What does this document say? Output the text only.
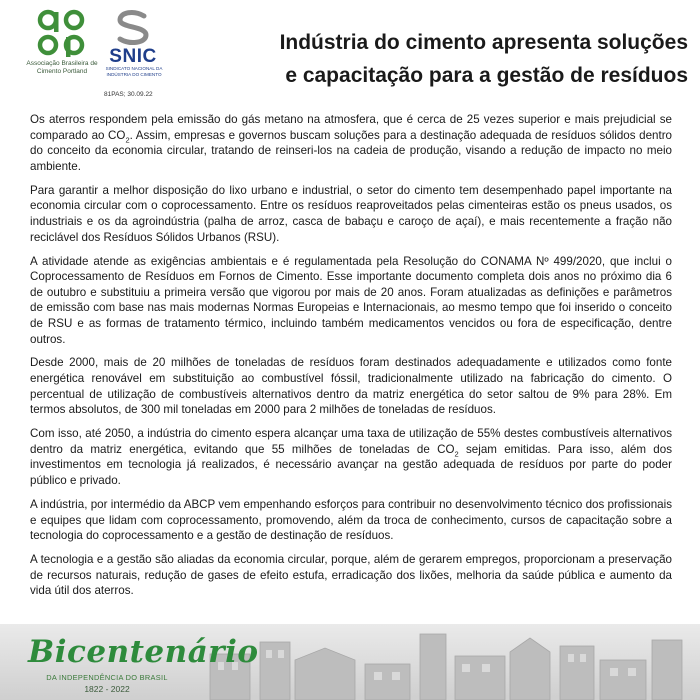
Associação Brasileira de Cimento Portland
SNIC
SINDICATO NACIONAL DA INDÚSTRIA DO CIMENTO
81PAS; 30.09.22
Indústria do cimento apresenta soluções
e capacitação para a gestão de resíduos

Os aterros respondem pela emissão do gás metano na atmosfera, que é cerca de 25 vezes superior e mais prejudicial se comparado ao $CO_2$. Assim, empresas e governos buscam soluções para a destinação adequada de resíduos sólidos dentro do conceito da economia circular, tratando de reinseri-los na cadeia de produção, visando a redução de impacto no meio ambiente.

Para garantir a melhor disposição do lixo urbano e industrial, o setor do cimento tem desempenhado papel importante na economia circular com o coprocessamento. Entre os resíduos reaproveitados pelas cimenteiras estão os pneus usados, os industriais e os da agroindústria (palha de arroz, casca de babaçu e caroço de açaí), e mais recentemente a fração não reciclável dos Resíduos Sólidos Urbanos (RSU).

A atividade atende as exigências ambientais e é regulamentada pela Resolução do CONAMA Nº 499/2020, que inclui o Coprocessamento de Resíduos em Fornos de Cimento. Esse importante documento completa dois anos no próximo dia 6 de outubro e substituiu a primeira versão que vigorou por mais de 20 anos. Foram atualizadas as definições e parâmetros de emissão com base nas mais modernas Normas Europeias e Internacionais, ao mesmo tempo que foi inserido o conceito de RSU e as formas de tratamento térmico, incluindo também medicamentos vencidos ou fora de especificação, dentre outros.

Desde 2000, mais de 20 milhões de toneladas de resíduos foram destinados adequadamente e utilizados como fonte energética renovável em substituição ao combustível fóssil, tradicionalmente utilizado na fabricação do cimento. O percentual de utilização de combustíveis alternativos dentro da matriz energética do setor saltou de 9% para 28%. Em termos absolutos, de 300 mil toneladas em 2000 para 2 milhões de toneladas de resíduos.

Com isso, até 2050, a indústria do cimento espera alcançar uma taxa de utilização de 55% destes combustíveis alternativos dentro da matriz energética, evitando que 55 milhões de toneladas de $CO_2$ sejam emitidas. Para isso, além dos investimentos em tecnologia já realizados, é necessário avançar na gestão adequada de resíduos por parte do poder público e privado.

A indústria, por intermédio da ABCP vem empenhando esforços para contribuir no desenvolvimento técnico dos profissionais e equipes que lidam com coprocessamento, promovendo, além da troca de conhecimento, cursos de capacitação sobre a tecnologia do coprocessamento e a gestão de destinação de resíduos.

A tecnologia e a gestão são aliadas da economia circular, porque, além de gerarem empregos, proporcionam a preservação de recursos naturais, redução de gases de efeito estufa, erradicação dos lixões, melhoria da saúde pública e aumento da vida útil dos aterros.

Bicentenário
DA INDEPENDÊNCIA DO BRASIL
1822 - 2022
